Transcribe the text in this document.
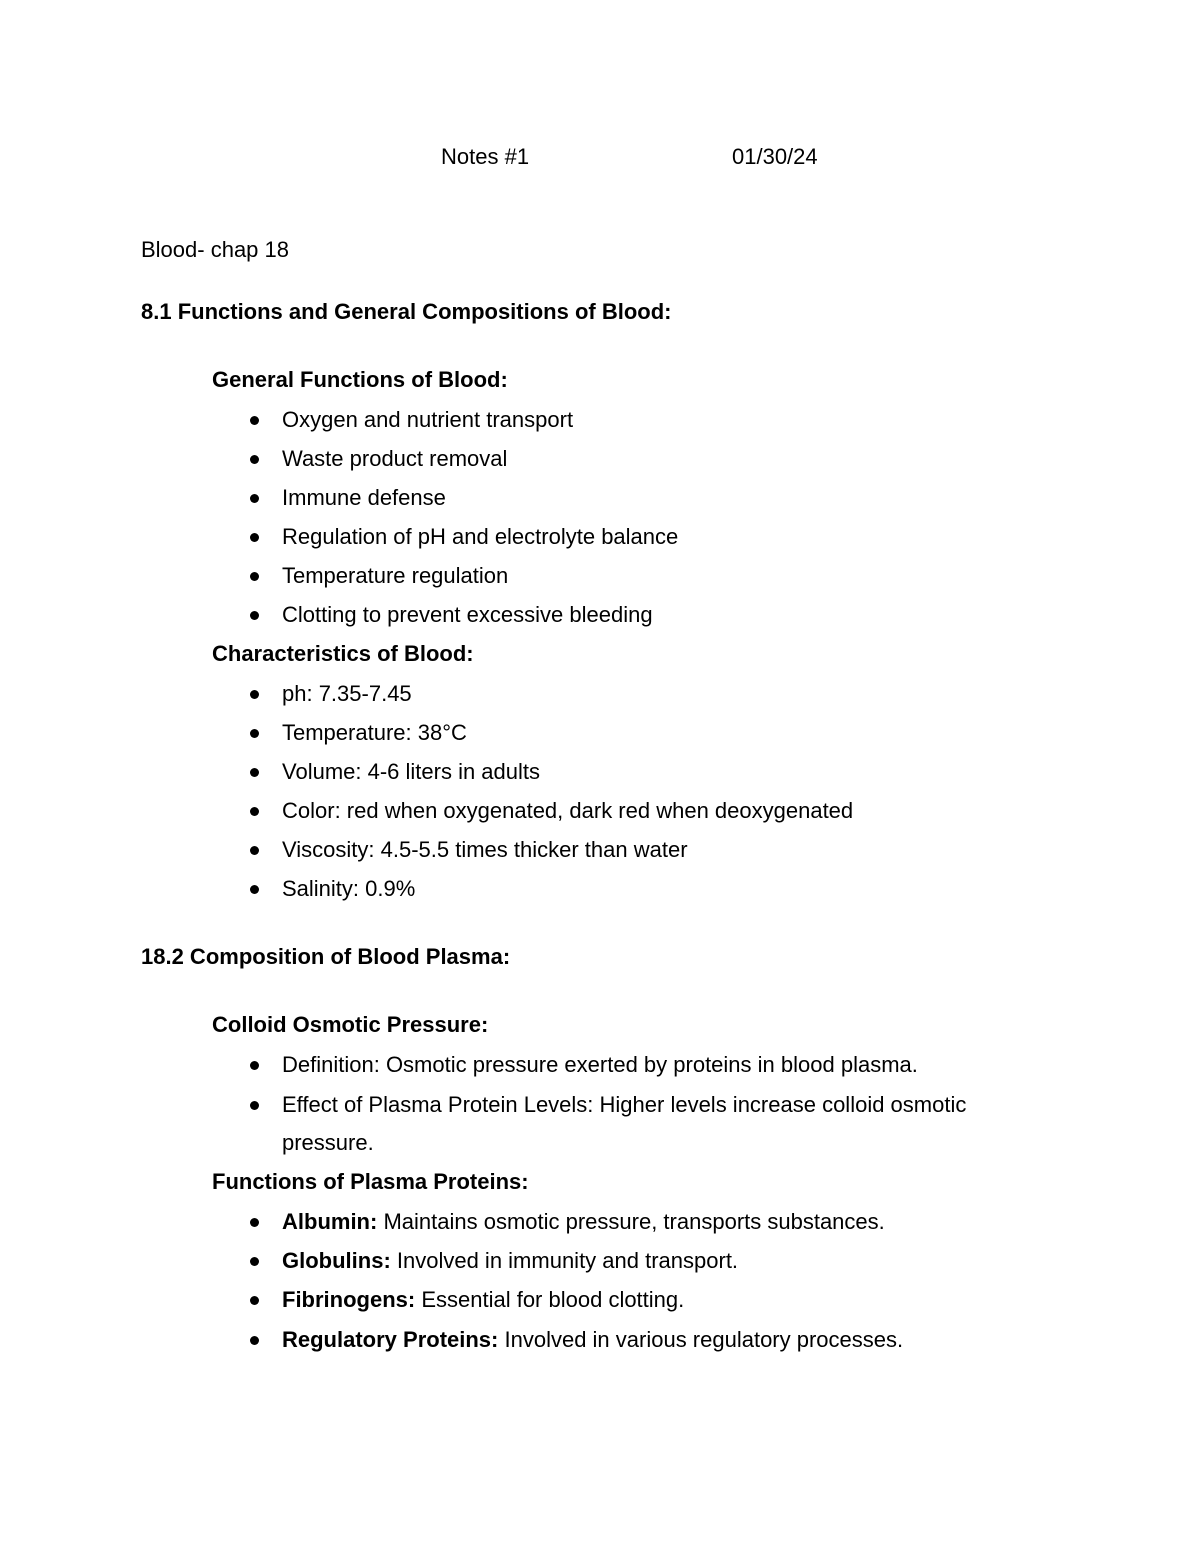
Notes #1	01/30/24
Blood- chap 18
8.1 Functions and General Compositions of Blood:
General Functions of Blood:
Oxygen and nutrient transport
Waste product removal
Immune defense
Regulation of pH and electrolyte balance
Temperature regulation
Clotting to prevent excessive bleeding
Characteristics of Blood:
ph: 7.35-7.45
Temperature: 38°C
Volume: 4-6 liters in adults
Color: red when oxygenated, dark red when deoxygenated
Viscosity: 4.5-5.5 times thicker than water
Salinity: 0.9%
18.2 Composition of Blood Plasma:
Colloid Osmotic Pressure:
Definition: Osmotic pressure exerted by proteins in blood plasma.
Effect of Plasma Protein Levels: Higher levels increase colloid osmotic
pressure.
Functions of Plasma Proteins:
Albumin: Maintains osmotic pressure, transports substances.
Globulins: Involved in immunity and transport.
Fibrinogens: Essential for blood clotting.
Regulatory Proteins: Involved in various regulatory processes.
